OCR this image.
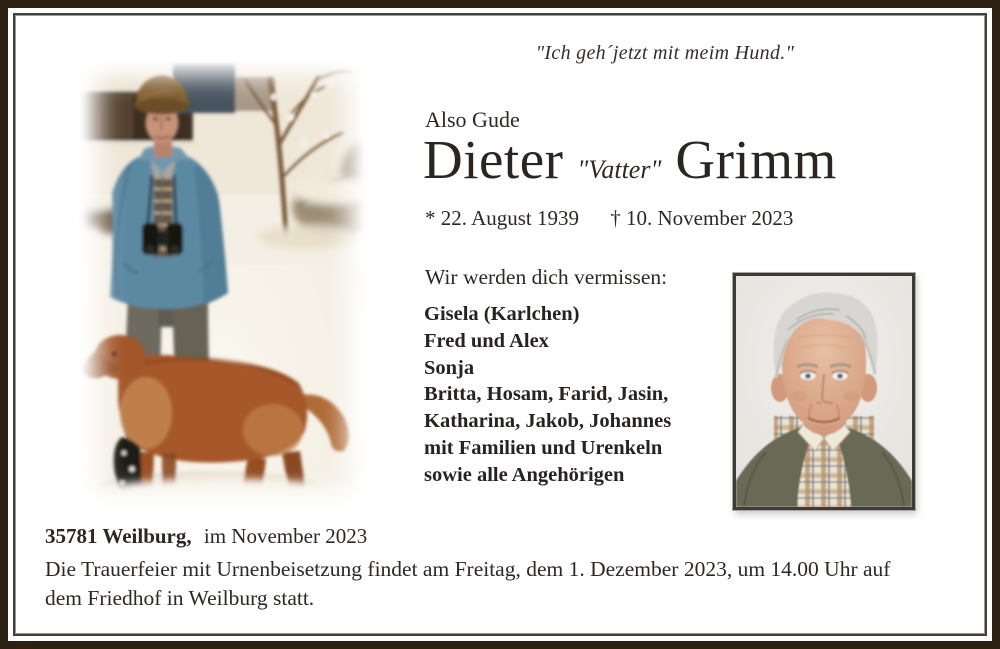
"Ich geh´jetzt mit meim Hund."
Also Gude
Dieter "Vatter" Grimm
* 22. August 1939 † 10. November 2023
Wir werden dich vermissen:
Gisela (Karlchen)
Fred und Alex
Sonja
Britta, Hosam, Farid, Jasin,
Katharina, Jakob, Johannes
mit Familien und Urenkeln
sowie alle Angehörigen
35781 Weilburg, im November 2023
Die Trauerfeier mit Urnenbeisetzung findet am Freitag, dem 1. Dezember 2023, um 14.00 Uhr auf
dem Friedhof in Weilburg statt.
